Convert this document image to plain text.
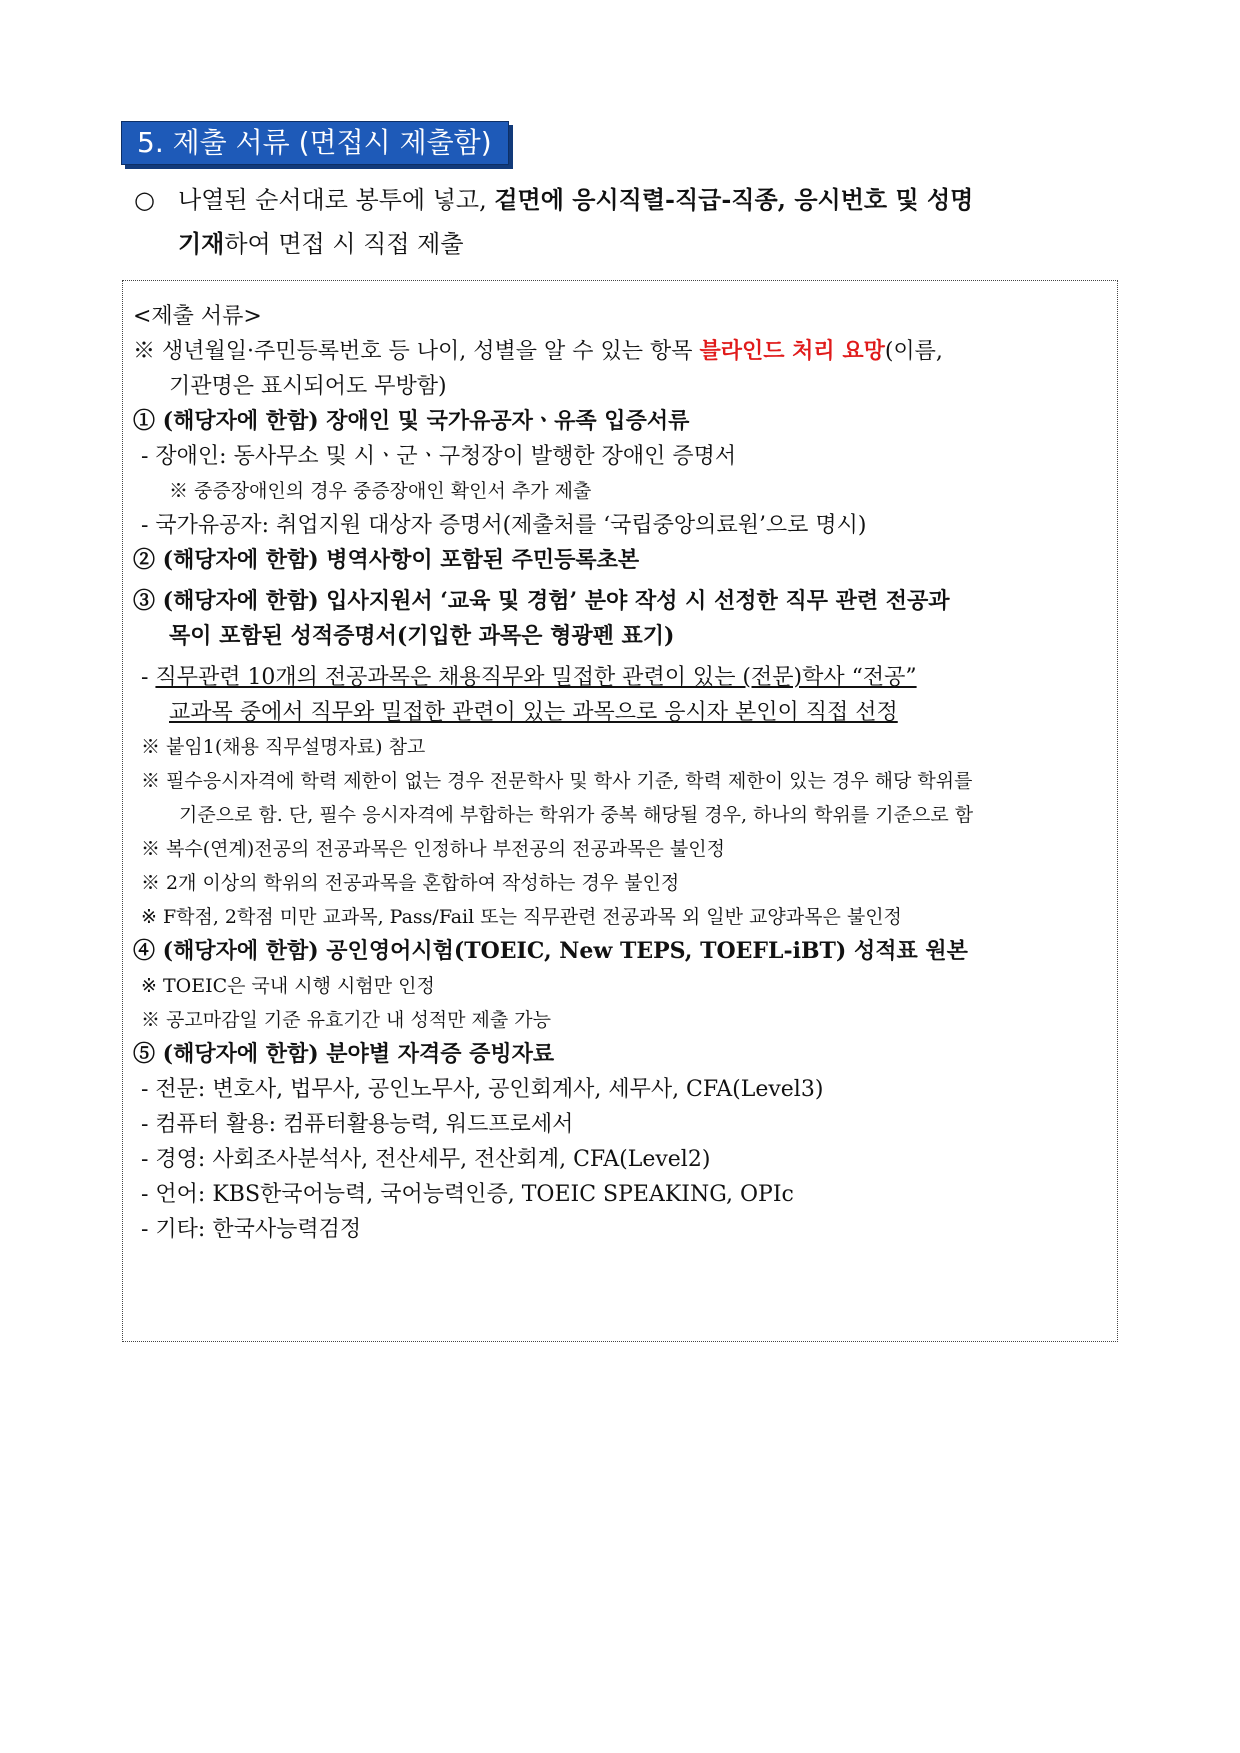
5. 제출 서류 (면접시 제출함)
○ 나열된 순서대로 봉투에 넣고, 겉면에 응시직렬-직급-직종, 응시번호 및 성명
기재하여 면접 시 직접 제출
<제출 서류>
※ 생년월일·주민등록번호 등 나이, 성별을 알 수 있는 항목 블라인드 처리 요망(이름,
기관명은 표시되어도 무방함)
① (해당자에 한함) 장애인 및 국가유공자ㆍ유족 입증서류
- 장애인: 동사무소 및 시ㆍ군ㆍ구청장이 발행한 장애인 증명서
※ 중증장애인의 경우 중증장애인 확인서 추가 제출
- 국가유공자: 취업지원 대상자 증명서(제출처를 ‘국립중앙의료원’으로 명시)
② (해당자에 한함) 병역사항이 포함된 주민등록초본
③ (해당자에 한함) 입사지원서 ‘교육 및 경험’ 분야 작성 시 선정한 직무 관련 전공과
목이 포함된 성적증명서(기입한 과목은 형광펜 표기)
- 직무관련 10개의 전공과목은 채용직무와 밀접한 관련이 있는 (전문)학사 “전공”
교과목 중에서 직무와 밀접한 관련이 있는 과목으로 응시자 본인이 직접 선정
※ 붙임1(채용 직무설명자료) 참고
※ 필수응시자격에 학력 제한이 없는 경우 전문학사 및 학사 기준, 학력 제한이 있는 경우 해당 학위를
기준으로 함. 단, 필수 응시자격에 부합하는 학위가 중복 해당될 경우, 하나의 학위를 기준으로 함
※ 복수(연계)전공의 전공과목은 인정하나 부전공의 전공과목은 불인정
※ 2개 이상의 학위의 전공과목을 혼합하여 작성하는 경우 불인정
※ F학점, 2학점 미만 교과목, Pass/Fail 또는 직무관련 전공과목 외 일반 교양과목은 불인정
④ (해당자에 한함) 공인영어시험(TOEIC, New TEPS, TOEFL-iBT) 성적표 원본
※ TOEIC은 국내 시행 시험만 인정
※ 공고마감일 기준 유효기간 내 성적만 제출 가능
⑤ (해당자에 한함) 분야별 자격증 증빙자료
- 전문: 변호사, 법무사, 공인노무사, 공인회계사, 세무사, CFA(Level3)
- 컴퓨터 활용: 컴퓨터활용능력, 워드프로세서
- 경영: 사회조사분석사, 전산세무, 전산회계, CFA(Level2)
- 언어: KBS한국어능력, 국어능력인증, TOEIC SPEAKING, OPIc
- 기타: 한국사능력검정
